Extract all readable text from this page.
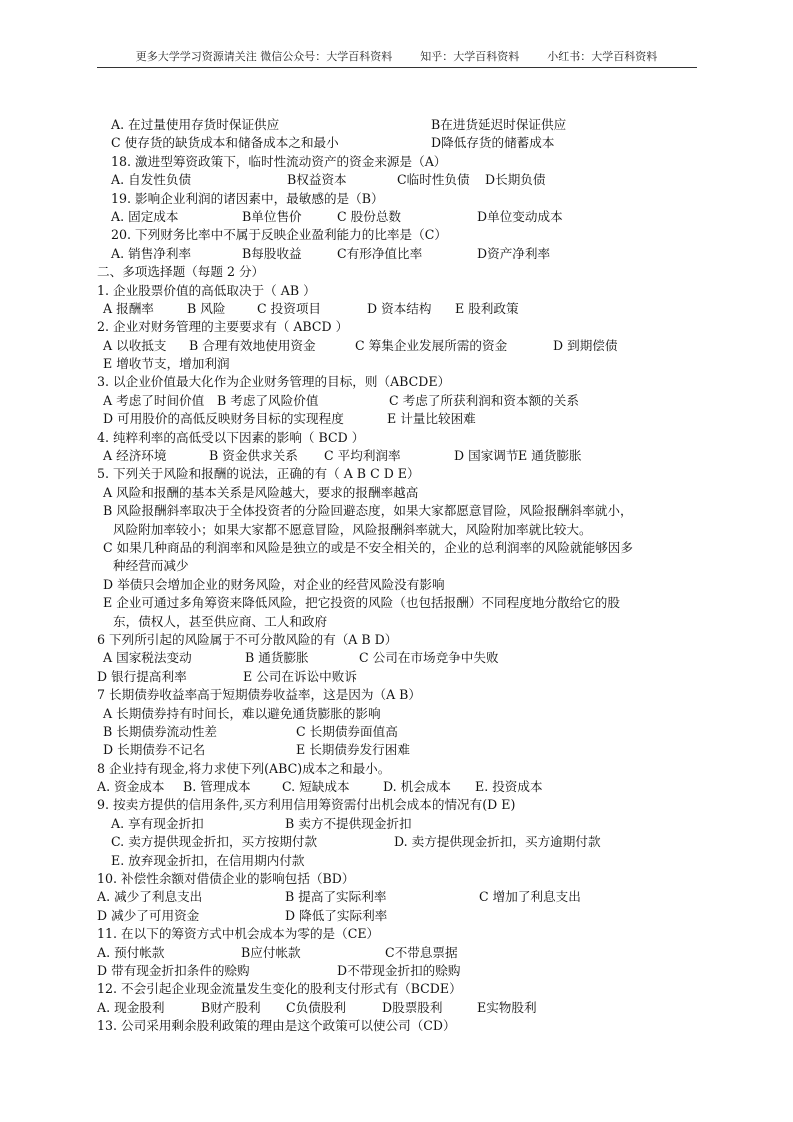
更多大学学习资源请关注 微信公众号：大学百科资料	知乎：大学百科资料	小红书：大学百科资料
A. 在过量使用存货时保证供应	B在进货延迟时保证供应
C 使存货的缺货成本和储备成本之和最小	D降低存货的储蓄成本
18. 激进型筹资政策下，临时性流动资产的资金来源是（A）
A. 自发性负债	B权益资本	C临时性负债 D长期负债
19. 影响企业利润的诸因素中，最敏感的是（B）
A. 固定成本	B单位售价	C 股份总数	D单位变动成本
20. 下列财务比率中不属于反映企业盈利能力的比率是（C）
A. 销售净利率	B每股收益	C有形净值比率	D资产净利率
二、多项选择题（每题 2 分）
1. 企业股票价值的高低取决于（ AB ）
A 报酬率	B 风险	C 投资项目	D 资本结构 E 股利政策
2. 企业对财务管理的主要要求有（ ABCD ）
A 以收抵支 B 合理有效地使用资金	C 筹集企业发展所需的资金	D 到期偿债
E 增收节支，增加利润
3. 以企业价值最大化作为企业财务管理的目标，则（ABCDE）
A 考虑了时间价值 B 考虑了风险价值	C 考虑了所获利润和资本额的关系
D 可用股价的高低反映财务目标的实现程度	E 计量比较困难
4. 纯粹利率的高低受以下因素的影响（ BCD ）
A 经济环境	B 资金供求关系 C 平均利润率	D 国家调节 E 通货膨胀
5. 下列关于风险和报酬的说法，正确的有（ A B C D E）
A 风险和报酬的基本关系是风险越大，要求的报酬率越高
B 风险报酬斜率取决于全体投资者的分险回避态度，如果大家都愿意冒险，风险报酬斜率就小，
风险附加率较小；如果大家都不愿意冒险，风险报酬斜率就大，风险附加率就比较大。
C 如果几种商品的利润率和风险是独立的或是不安全相关的，企业的总利润率的风险就能够因多
种经营而减少
D 举债只会增加企业的财务风险，对企业的经营风险没有影响
E 企业可通过多角筹资来降低风险，把它投资的风险（也包括报酬）不同程度地分散给它的股
东，债权人，甚至供应商、工人和政府
6 下列所引起的风险属于不可分散风险的有（A B D）
A 国家税法变动	B 通货膨胀	C 公司在市场竞争中失败
D 银行提高利率	E 公司在诉讼中败诉
7 长期债券收益率高于短期债券收益率，这是因为（A B）
A 长期债券持有时间长，难以避免通货膨胀的影响
B 长期债券流动性差	C 长期债券面值高
D 长期债券不记名	E 长期债券发行困难
8 企业持有现金,将力求使下列(ABC)成本之和最小。
A. 资金成本 B. 管理成本 C. 短缺成本	D. 机会成本 E. 投资成本
9. 按卖方提供的信用条件,买方利用信用筹资需付出机会成本的情况有(D E)
A. 享有现金折扣	B 卖方不提供现金折扣
C. 卖方提供现金折扣，买方按期付款	D. 卖方提供现金折扣，买方逾期付款
E. 放弃现金折扣，在信用期内付款
10. 补偿性余额对借债企业的影响包括（BD）
A. 减少了利息支出	B 提高了实际利率	C 增加了利息支出
D 减少了可用资金	D 降低了实际利率
11. 在以下的筹资方式中机会成本为零的是（CE）
A. 预付帐款	B应付帐款	C不带息票据
D 带有现金折扣条件的赊购	D不带现金折扣的赊购
12. 不会引起企业现金流量发生变化的股利支付形式有（BCDE）
A. 现金股利	B财产股利 C负债股利	D股票股利	E实物股利
13. 公司采用剩余股利政策的理由是这个政策可以使公司（CD）
